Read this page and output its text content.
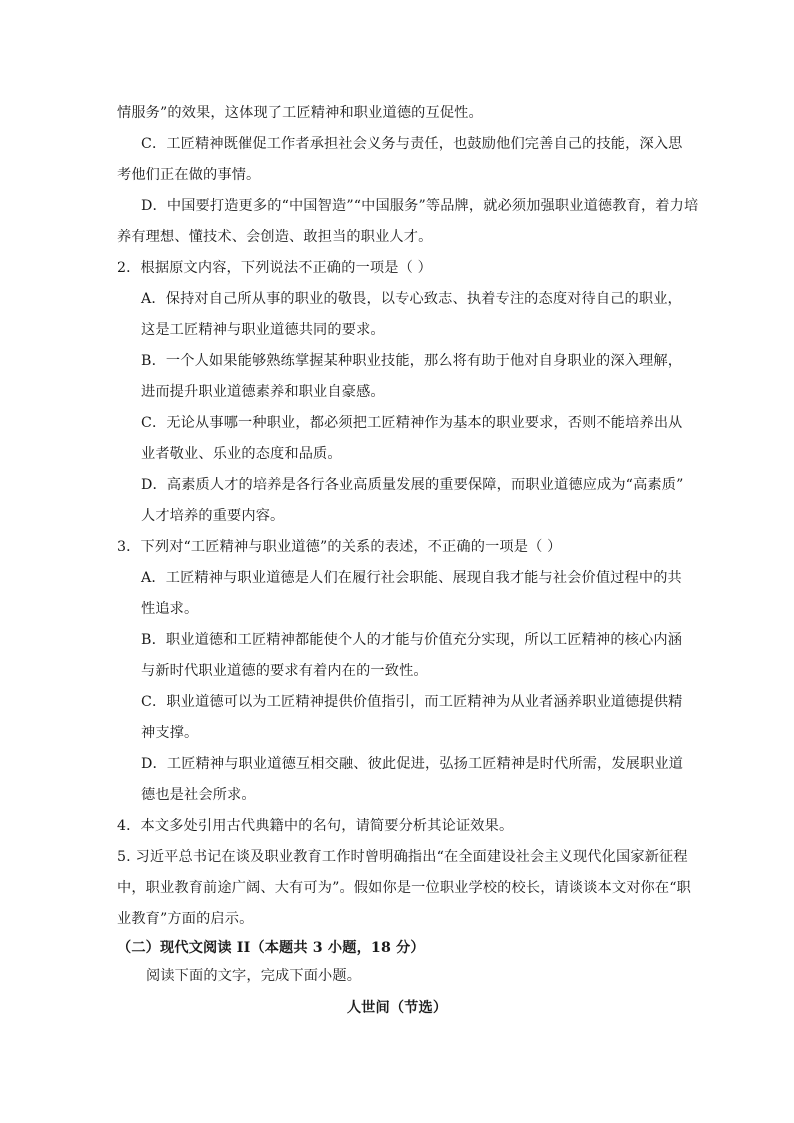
情服务”的效果，这体现了工匠精神和职业道德的互促性。
C．工匠精神既催促工作者承担社会义务与责任，也鼓励他们完善自己的技能，深入思
考他们正在做的事情。
D．中国要打造更多的“中国智造”“中国服务”等品牌，就必须加强职业道德教育，着力培
养有理想、懂技术、会创造、敢担当的职业人才。
2．根据原文内容，下列说法不正确的一项是（ ）
A．保持对自己所从事的职业的敬畏，以专心致志、执着专注的态度对待自己的职业，
这是工匠精神与职业道德共同的要求。
B．一个人如果能够熟练掌握某种职业技能，那么将有助于他对自身职业的深入理解，
进而提升职业道德素养和职业自豪感。
C．无论从事哪一种职业，都必须把工匠精神作为基本的职业要求，否则不能培养出从
业者敬业、乐业的态度和品质。
D．高素质人才的培养是各行各业高质量发展的重要保障，而职业道德应成为“高素质”
人才培养的重要内容。
3．下列对“工匠精神与职业道德”的关系的表述，不正确的一项是（ ）
A．工匠精神与职业道德是人们在履行社会职能、展现自我才能与社会价值过程中的共
性追求。
B．职业道德和工匠精神都能使个人的才能与价值充分实现，所以工匠精神的核心内涵
与新时代职业道德的要求有着内在的一致性。
C．职业道德可以为工匠精神提供价值指引，而工匠精神为从业者涵养职业道德提供精
神支撑。
D．工匠精神与职业道德互相交融、彼此促进，弘扬工匠精神是时代所需，发展职业道
德也是社会所求。
4．本文多处引用古代典籍中的名句，请简要分析其论证效果。
5. 习近平总书记在谈及职业教育工作时曾明确指出“在全面建设社会主义现代化国家新征程
中，职业教育前途广阔、大有可为”。假如你是一位职业学校的校长，请谈谈本文对你在“职
业教育”方面的启示。
（二）现代文阅读 II（本题共 3 小题，18 分）
阅读下面的文字，完成下面小题。
人世间（节选）
